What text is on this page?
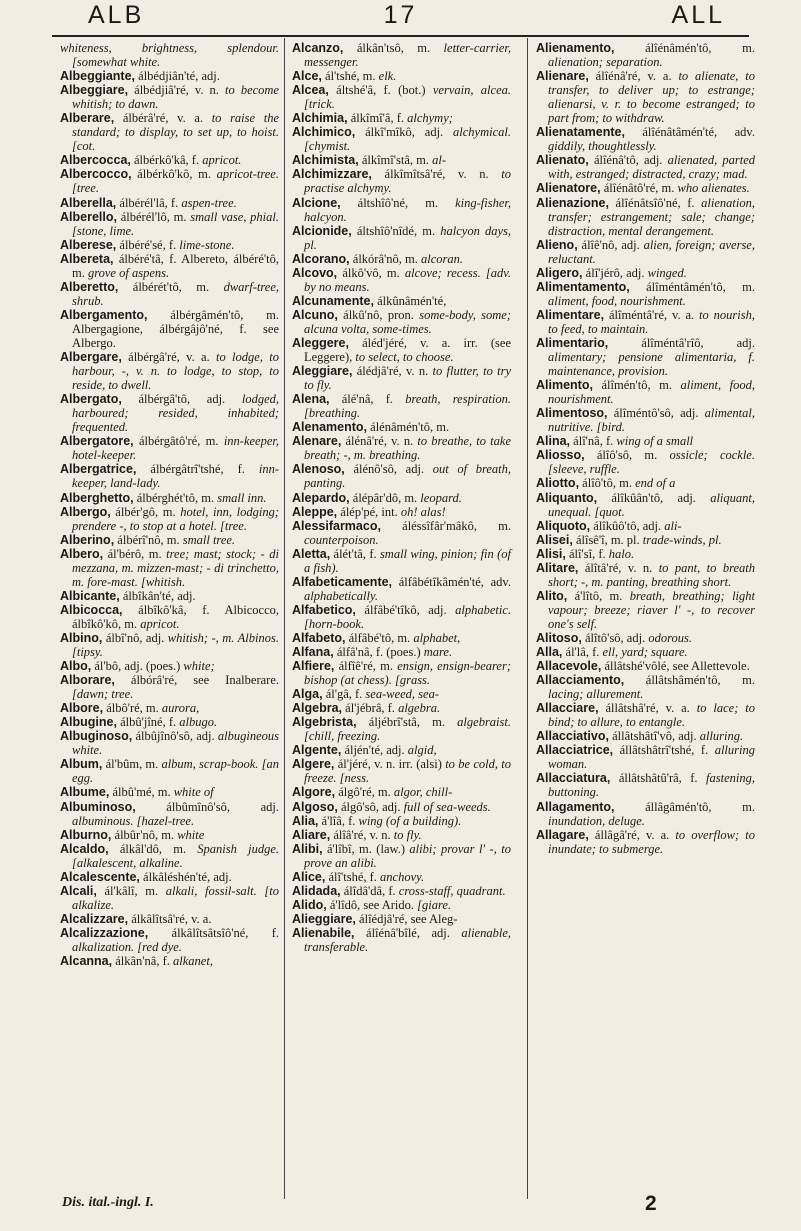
ALB	17	ALL

whiteness, brightness, splendour. [somewhat white.

Albeggiante, álbédjiân'té, adj.

Albeggiare, álbédjiâ'ré, v. n. to become whitish; to dawn.

Alberare, álbérâ'ré, v. a. to raise the standard; to display, to set up, to hoist. [cot.

Albercocca, álbérkô'kâ, f. apricot.

Albercocco, álbérkô'kô, m. apricot-tree. [tree.

Alberella, álbérél'lâ, f. aspen-tree.

Alberello, álbérél'lô, m. small vase, phial. [stone, lime.

Alberese, álbéré'sé, f. lime-stone.

Albereta, álbéré'tâ, f. Albereto, álbéré'tô, m. grove of aspens.

Alberetto, álbérét'tô, m. dwarf-tree, shrub.

Albergamento, álbérgâmén'tô, m. Albergagione, álbérgâjô'né, f. see Albergo.

Albergare, álbérgâ'ré, v. a. to lodge, to harbour, -, v. n. to lodge, to stop, to reside, to dwell.

Albergato, álbérgâ'tô, adj. lodged, harboured; resided, inhabited; frequented.

Albergatore, álbérgâtô'ré, m. inn-keeper, hotel-keeper.

Albergatrice, álbérgâtrî'tshé, f. inn-keeper, land-lady.

Alberghetto, álbérghét'tô, m. small inn.

Albergo, álbér'gô, m. hotel, inn, lodging; prendere -, to stop at a hotel. [tree.

Alberino, álbérî'nô, m. small tree.

Albero, ál'bérô, m. tree; mast; stock; - di mezzana, m. mizzen-mast; - di trinchetto, m. fore-mast. [whitish.

Albicante, álbîkân'té, adj.

Albicocca, álbîkô'kâ, f. Albicocco, álbîkô'kô, m. apricot.

Albino, álbî'nô, adj. whitish; -, m. Albinos. [tipsy.

Albo, ál'bô, adj. (poes.) white;

Alborare, álbórâ'ré, see Inalberare. [dawn; tree.

Albore, álbô'ré, m. aurora,

Albugine, álbû'jîné, f. albugo.

Albuginoso, álbûjînô'sô, adj. albugineous white.

Album, ál'bûm, m. album, scrap-book. [an egg.

Albume, álbû'mé, m. white of

Albuminoso, álbûmînô'sô, adj. albuminous. [hazel-tree.

Alburno, álbûr'nô, m. white

Alcaldo, álkâl'dô, m. Spanish judge. [alkalescent, alkaline.

Alcalescente, álkâléshén'té, adj.

Alcali, ál'kâlî, m. alkali, fossil-salt. [to alkalize.

Alcalizzare, álkâlîtsâ'ré, v. a.

Alcalizzazione, álkâlîtsâtsîô'né, f. alkalization. [red dye.

Alcanna, álkân'nâ, f. alkanet,

Alcanzo, álkân'tsô, m. letter-carrier, messenger.

Alce, ál'tshé, m. elk.

Alcea, áltshé'â, f. (bot.) vervain, alcea. [trick.

Alchimia, álkîmî'â, f. alchymy;

Alchimico, álkî'mîkô, adj. alchymical. [chymist.

Alchimista, álkîmî'stâ, m. al-

Alchimizzare, álkîmîtsâ'ré, v. n. to practise alchymy.

Alcione, áltshîô'né, m. king-fisher, halcyon.

Alcionide, áltshîô'nîdé, m. halcyon days, pl.

Alcorano, álkórâ'nô, m. alcoran.

Alcovo, álkô'vô, m. alcove; recess. [adv. by no means.

Alcunamente, álkûnâmén'té,

Alcuno, álkû'nô, pron. some-body, some; alcuna volta, some-times.

Aleggere, áléd'jéré, v. a. irr. (see Leggere), to select, to choose.

Aleggiare, álédjâ'ré, v. n. to flutter, to try to fly.

Alena, álé'nâ, f. breath, respiration. [breathing.

Alenamento, álénâmén'tô, m.

Alenare, álénâ'ré, v. n. to breathe, to take breath; -, m. breathing.

Alenoso, álénô'sô, adj. out of breath, panting.

Alepardo, álépâr'dô, m. leopard.

Aleppe, álép'pé, int. oh! alas!

Alessifarmaco, áléssîfâr'mâkô, m. counterpoison.

Aletta, álét'tâ, f. small wing, pinion; fin (of a fish).

Alfabeticamente, álfâbétîkâmén'té, adv. alphabetically.

Alfabetico, álfâbé'tîkô, adj. alphabetic. [horn-book.

Alfabeto, álfâbé'tô, m. alphabet,

Alfana, álfâ'nâ, f. (poes.) mare.

Alfiere, álfîê'ré, m. ensign, ensign-bearer; bishop (at chess). [grass.

Alga, ál'gâ, f. sea-weed, sea-

Algebra, ál'jébrâ, f. algebra.

Algebrista, áljébrî'stâ, m. algebraist. [chill, freezing.

Algente, áljén'té, adj. algid,

Algere, ál'jéré, v. n. irr. (alsi) to be cold, to freeze. [ness.

Algore, álgô'ré, m. algor, chill-

Algoso, álgô'sô, adj. full of sea-weeds.

Alia, á'lîâ, f. wing (of a building).

Aliare, álîâ'ré, v. n. to fly.

Alibi, á'lîbî, m. (law.) alibi; provar l' -, to prove an alibi.

Alice, álî'tshé, f. anchovy.

Alidada, álîdâ'dâ, f. cross-staff, quadrant.

Alido, á'lîdô, see Arido. [giare.

Alieggiare, álîédjâ'ré, see Aleg-

Alienabile, álîénâ'bîlé, adj. alienable, transferable.

Alienamento, álîénâmén'tô, m. alienation; separation.

Alienare, álîénâ'ré, v. a. to alienate, to transfer, to deliver up; to estrange; alienarsi, v. r. to become estranged; to part from; to withdraw.

Alienatamente, álîénâtâmén'té, adv. giddily, thoughtlessly.

Alienato, álîénâ'tô, adj. alienated, parted with, estranged; distracted, crazy; mad.

Alienatore, álîénâtô'ré, m. who alienates.

Alienazione, álîénâtsîô'né, f. alienation, transfer; estrangement; sale; change; distraction, mental derangement.

Alieno, álîê'nô, adj. alien, foreign; averse, reluctant.

Aligero, álî'jérô, adj. winged.

Alimentamento, álîméntâmén'tô, m. aliment, food, nourishment.

Alimentare, álîméntâ'ré, v. a. to nourish, to feed, to maintain.

Alimentario, álîméntâ'rîô, adj. alimentary; pensione alimentaria, f. maintenance, provision.

Alimento, álîmén'tô, m. aliment, food, nourishment.

Alimentoso, álîméntô'sô, adj. alimental, nutritive. [bird.

Alina, álî'nâ, f. wing of a small

Aliosso, álîô'sô, m. ossicle; cockle. [sleeve, ruffle.

Aliotto, álîô'tô, m. end of a

Aliquanto, álîkûân'tô, adj. aliquant, unequal. [quot.

Aliquoto, álîkûô'tô, adj. ali-

Alisei, álîsê'î, m. pl. trade-winds, pl.

Alisi, álî'sî, f. halo.

Alitare, álîtâ'ré, v. n. to pant, to breath short; -, m. panting, breathing short.

Alito, á'lîtô, m. breath, breathing; light vapour; breeze; riaver l' -, to recover one's self.

Alitoso, álîtô'sô, adj. odorous.

Alla, ál'lâ, f. ell, yard; square.

Allacevole, állâtshé'vôlé, see Allettevole.

Allacciamento, állâtshâmén'tô, m. lacing; allurement.

Allacciare, állâtshâ'ré, v. a. to lace; to bind; to allure, to entangle.

Allacciativo, állâtshâtî'vô, adj. alluring.

Allacciatrice, állâtshâtrî'tshé, f. alluring woman.

Allacciatura, állâtshâtû'râ, f. fastening, buttoning.

Allagamento, állâgâmén'tô, m. inundation, deluge.

Allagare, állâgâ'ré, v. a. to overflow; to inundate; to submerge.

Dis. ital.-ingl. I.	2
